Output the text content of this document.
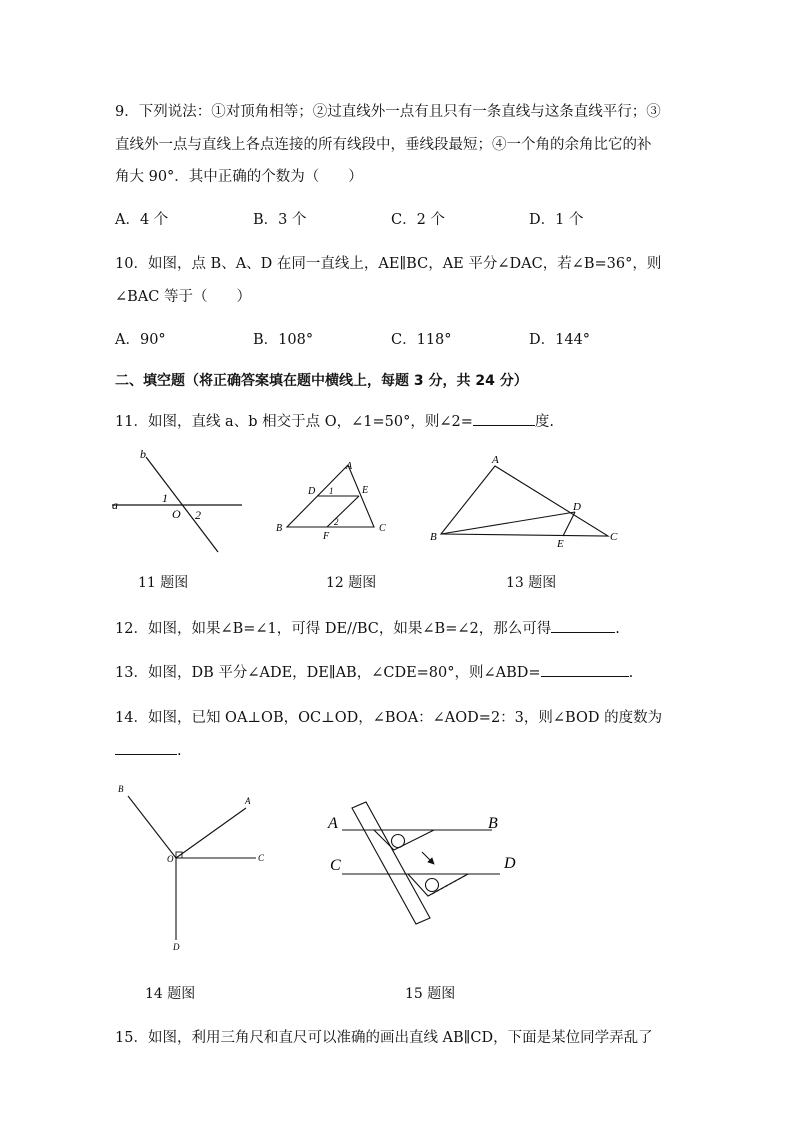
9．下列说法：①对顶角相等；②过直线外一点有且只有一条直线与这条直线平行；③
直线外一点与直线上各点连接的所有线段中，垂线段最短；④一个角的余角比它的补
角大 90°．其中正确的个数为（　　）
A．4 个	B．3 个	C．2 个	D．1 个
10．如图，点 B、A、D 在同一直线上，AE∥BC，AE 平分∠DAC，若∠B=36°，则
∠BAC 等于（　　）
A．90°	B．108°	C．118°	D．144°
二、填空题（将正确答案填在题中横线上，每题 3 分，共 24 分）
11．如图，直线 a、b 相交于点 O，∠1=50°，则∠2=	度.
a
b
1
O 2
A
D 1	E
2
B
F
C
A
D
B
E
C
11 题图	12 题图	13 题图
12．如图，如果∠B=∠1，可得 DE//BC，如果∠B=∠2，那么可得	.
13．如图，DB 平分∠ADE，DE∥AB，∠CDE=80°，则∠ABD=	.
14．如图，已知 OA⊥OB，OC⊥OD，∠BOA：∠AOD=2：3，则∠BOD 的度数为
.
B
A
O	C
D
A	B
C	D
14 题图	15 题图
15．如图，利用三角尺和直尺可以准确的画出直线 AB∥CD，下面是某位同学弄乱了
